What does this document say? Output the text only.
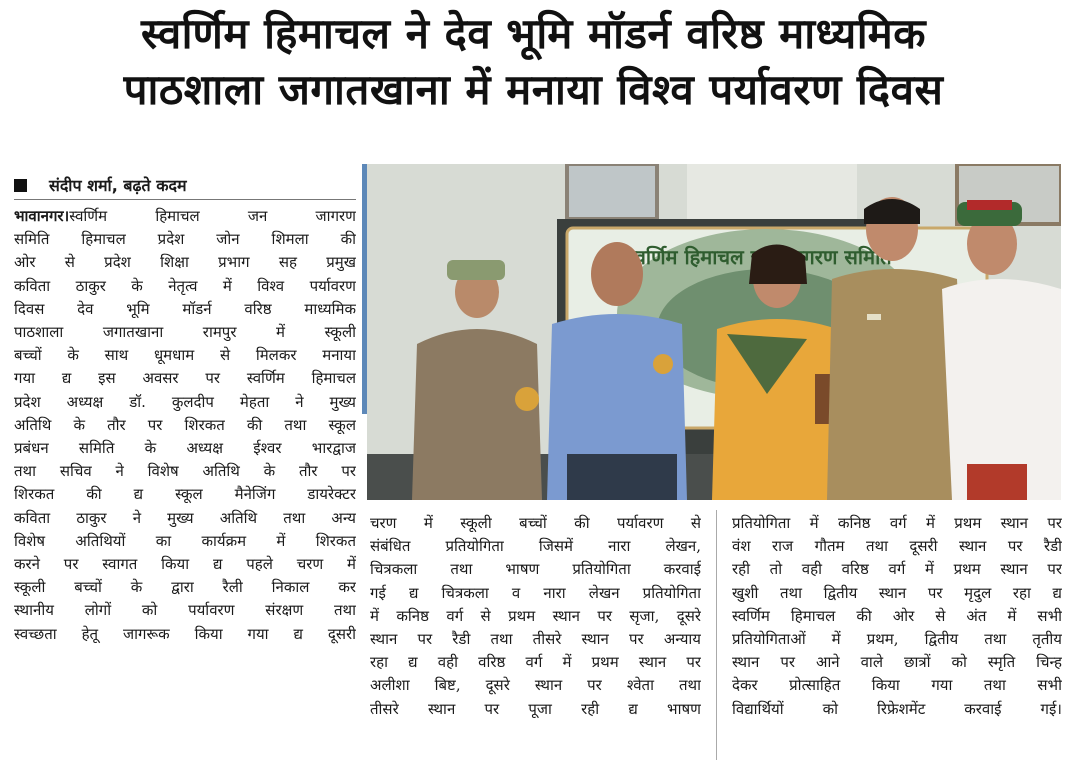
स्वर्णिम हिमाचल ने देव भूमि मॉडर्न वरिष्ठ माध्यमिक
पाठशाला जगातखाना में मनाया विश्व पर्यावरण दिवस
संदीप शर्मा, बढ़ते कदम
भावानगर।स्वर्णिम हिमाचल जन जागरण
समिति हिमाचल प्रदेश जोन शिमला की
ओर से प्रदेश शिक्षा प्रभाग सह प्रमुख
कविता ठाकुर के नेतृत्व में विश्व पर्यावरण
दिवस देव भूमि मॉडर्न वरिष्ठ माध्यमिक
पाठशाला जगातखाना रामपुर में स्कूली
बच्चों के साथ धूमधाम से मिलकर मनाया
गया द्य इस अवसर पर स्वर्णिम हिमाचल
प्रदेश अध्यक्ष डॉ. कुलदीप मेहता ने मुख्य
अतिथि के तौर पर शिरकत की तथा स्कूल
प्रबंधन समिति के अध्यक्ष ईश्वर भारद्वाज
तथा सचिव ने विशेष अतिथि के तौर पर
शिरकत की द्य स्कूल मैनेजिंग डायरेक्टर
कविता ठाकुर ने मुख्य अतिथि तथा अन्य
विशेष अतिथियों का कार्यक्रम में शिरकत
करने पर स्वागत किया द्य पहले चरण में
स्कूली बच्चों के द्वारा रैली निकाल कर
स्थानीय लोगों को पर्यावरण संरक्षण तथा
स्वच्छता हेतू जागरूक किया गया द्य दूसरी
स्वर्णिम हिमाचल जागरण समिति
चरण में स्कूली बच्चों की पर्यावरण से
संबंधित प्रतियोगिता जिसमें नारा लेखन,
चित्रकला तथा भाषण प्रतियोगिता करवाई
गई द्य चित्रकला व नारा लेखन प्रतियोगिता
में कनिष्ठ वर्ग से प्रथम स्थान पर सृजा, दूसरे
स्थान पर रैडी तथा तीसरे स्थान पर अन्याय
रहा द्य वही वरिष्ठ वर्ग में प्रथम स्थान पर
अलीशा बिष्ट, दूसरे स्थान पर श्वेता तथा
तीसरे स्थान पर पूजा रही द्य भाषण
प्रतियोगिता में कनिष्ठ वर्ग में प्रथम स्थान पर
वंश राज गौतम तथा दूसरी स्थान पर रैडी
रही तो वही वरिष्ठ वर्ग में प्रथम स्थान पर
खुशी तथा द्वितीय स्थान पर मृदुल रहा द्य
स्वर्णिम हिमाचल की ओर से अंत में सभी
प्रतियोगिताओं में प्रथम, द्वितीय तथा तृतीय
स्थान पर आने वाले छात्रों को स्मृति चिन्ह
देकर प्रोत्साहित किया गया तथा सभी
विद्यार्थियों को रिफ्रेशमेंट करवाई गई।
